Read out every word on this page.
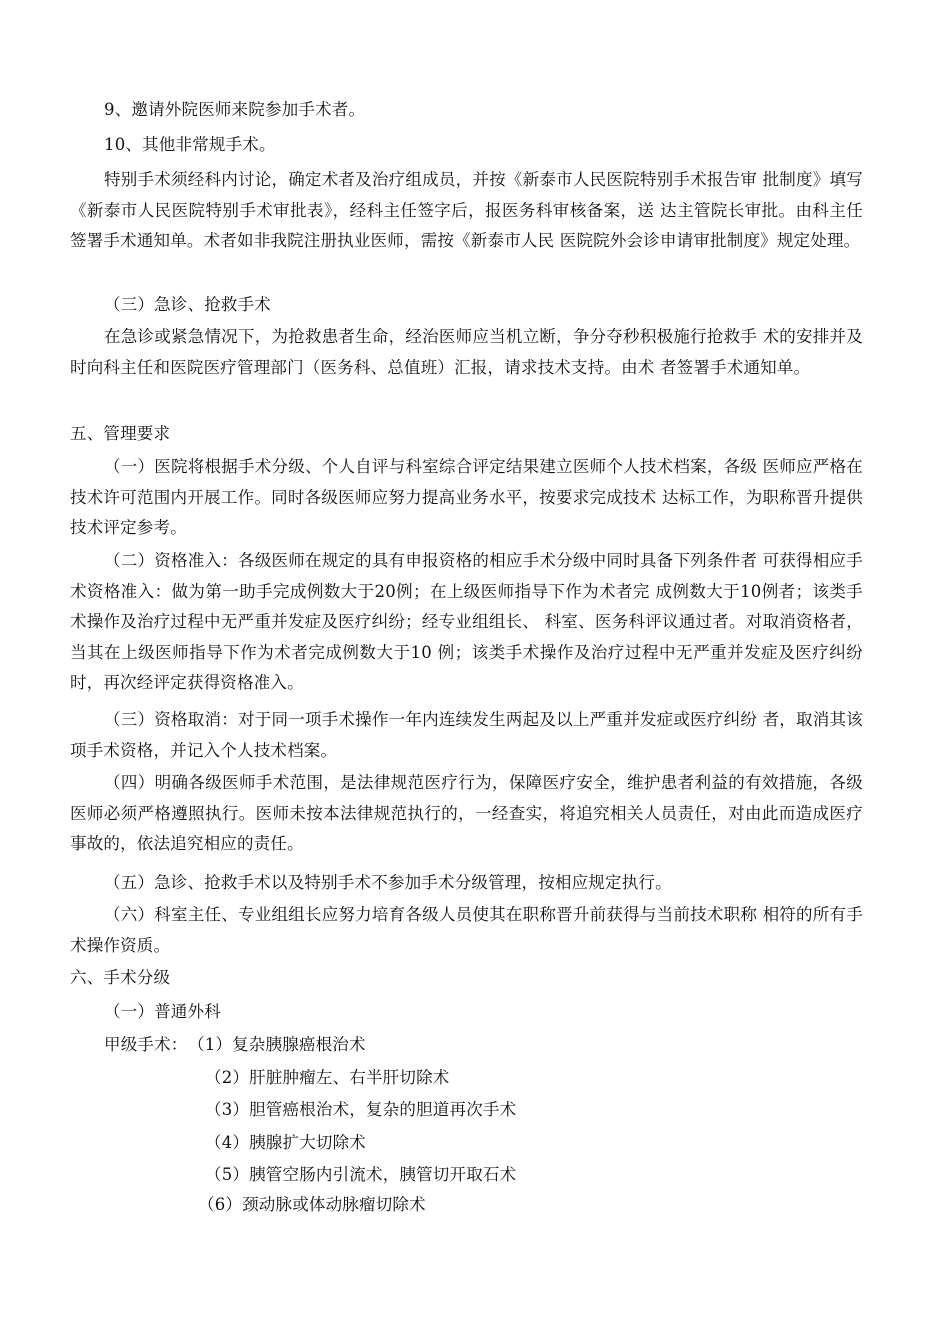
9、邀请外院医师来院参加手术者。

10、其他非常规手术。

特别手术须经科内讨论，确定术者及治疗组成员，并按《新泰市人民医院特别手术报告审 批制度》填写《新泰市人民医院特别手术审批表》，经科主任签字后，报医务科审核备案，送 达主管院长审批。由科主任签署手术通知单。术者如非我院注册执业医师，需按《新泰市人民 医院院外会诊申请审批制度》规定处理。

（三）急诊、抢救手术

在急诊或紧急情况下，为抢救患者生命，经治医师应当机立断，争分夺秒积极施行抢救手 术的安排并及时向科主任和医院医疗管理部门（医务科、总值班）汇报，请求技术支持。由术 者签署手术通知单。

五、管理要求

（一）医院将根据手术分级、个人自评与科室综合评定结果建立医师个人技术档案，各级 医师应严格在技术许可范围内开展工作。同时各级医师应努力提高业务水平，按要求完成技术 达标工作，为职称晋升提供技术评定参考。

（二）资格准入：各级医师在规定的具有申报资格的相应手术分级中同时具备下列条件者 可获得相应手术资格准入：做为第一助手完成例数大于20例；在上级医师指导下作为术者完 成例数大于10例者；该类手术操作及治疗过程中无严重并发症及医疗纠纷；经专业组组长、 科室、医务科评议通过者。对取消资格者，当其在上级医师指导下作为术者完成例数大于10 例；该类手术操作及治疗过程中无严重并发症及医疗纠纷时，再次经评定获得资格准入。

（三）资格取消：对于同一项手术操作一年内连续发生两起及以上严重并发症或医疗纠纷 者，取消其该项手术资格，并记入个人技术档案。

（四）明确各级医师手术范围，是法律规范医疗行为，保障医疗安全，维护患者利益的有效措施，各级医师必须严格遵照执行。医师未按本法律规范执行的，一经查实，将追究相关人员责任，对由此而造成医疗事故的，依法追究相应的责任。

（五）急诊、抢救手术以及特别手术不参加手术分级管理，按相应规定执行。

（六）科室主任、专业组组长应努力培育各级人员使其在职称晋升前获得与当前技术职称 相符的所有手术操作资质。

六、手术分级

（一）普通外科

甲级手术： （1）复杂胰腺癌根治术

（2）肝脏肿瘤左、右半肝切除术

（3）胆管癌根治术，复杂的胆道再次手术

（4）胰腺扩大切除术

（5）胰管空肠内引流术，胰管切开取石术

（6）颈动脉或体动脉瘤切除术
